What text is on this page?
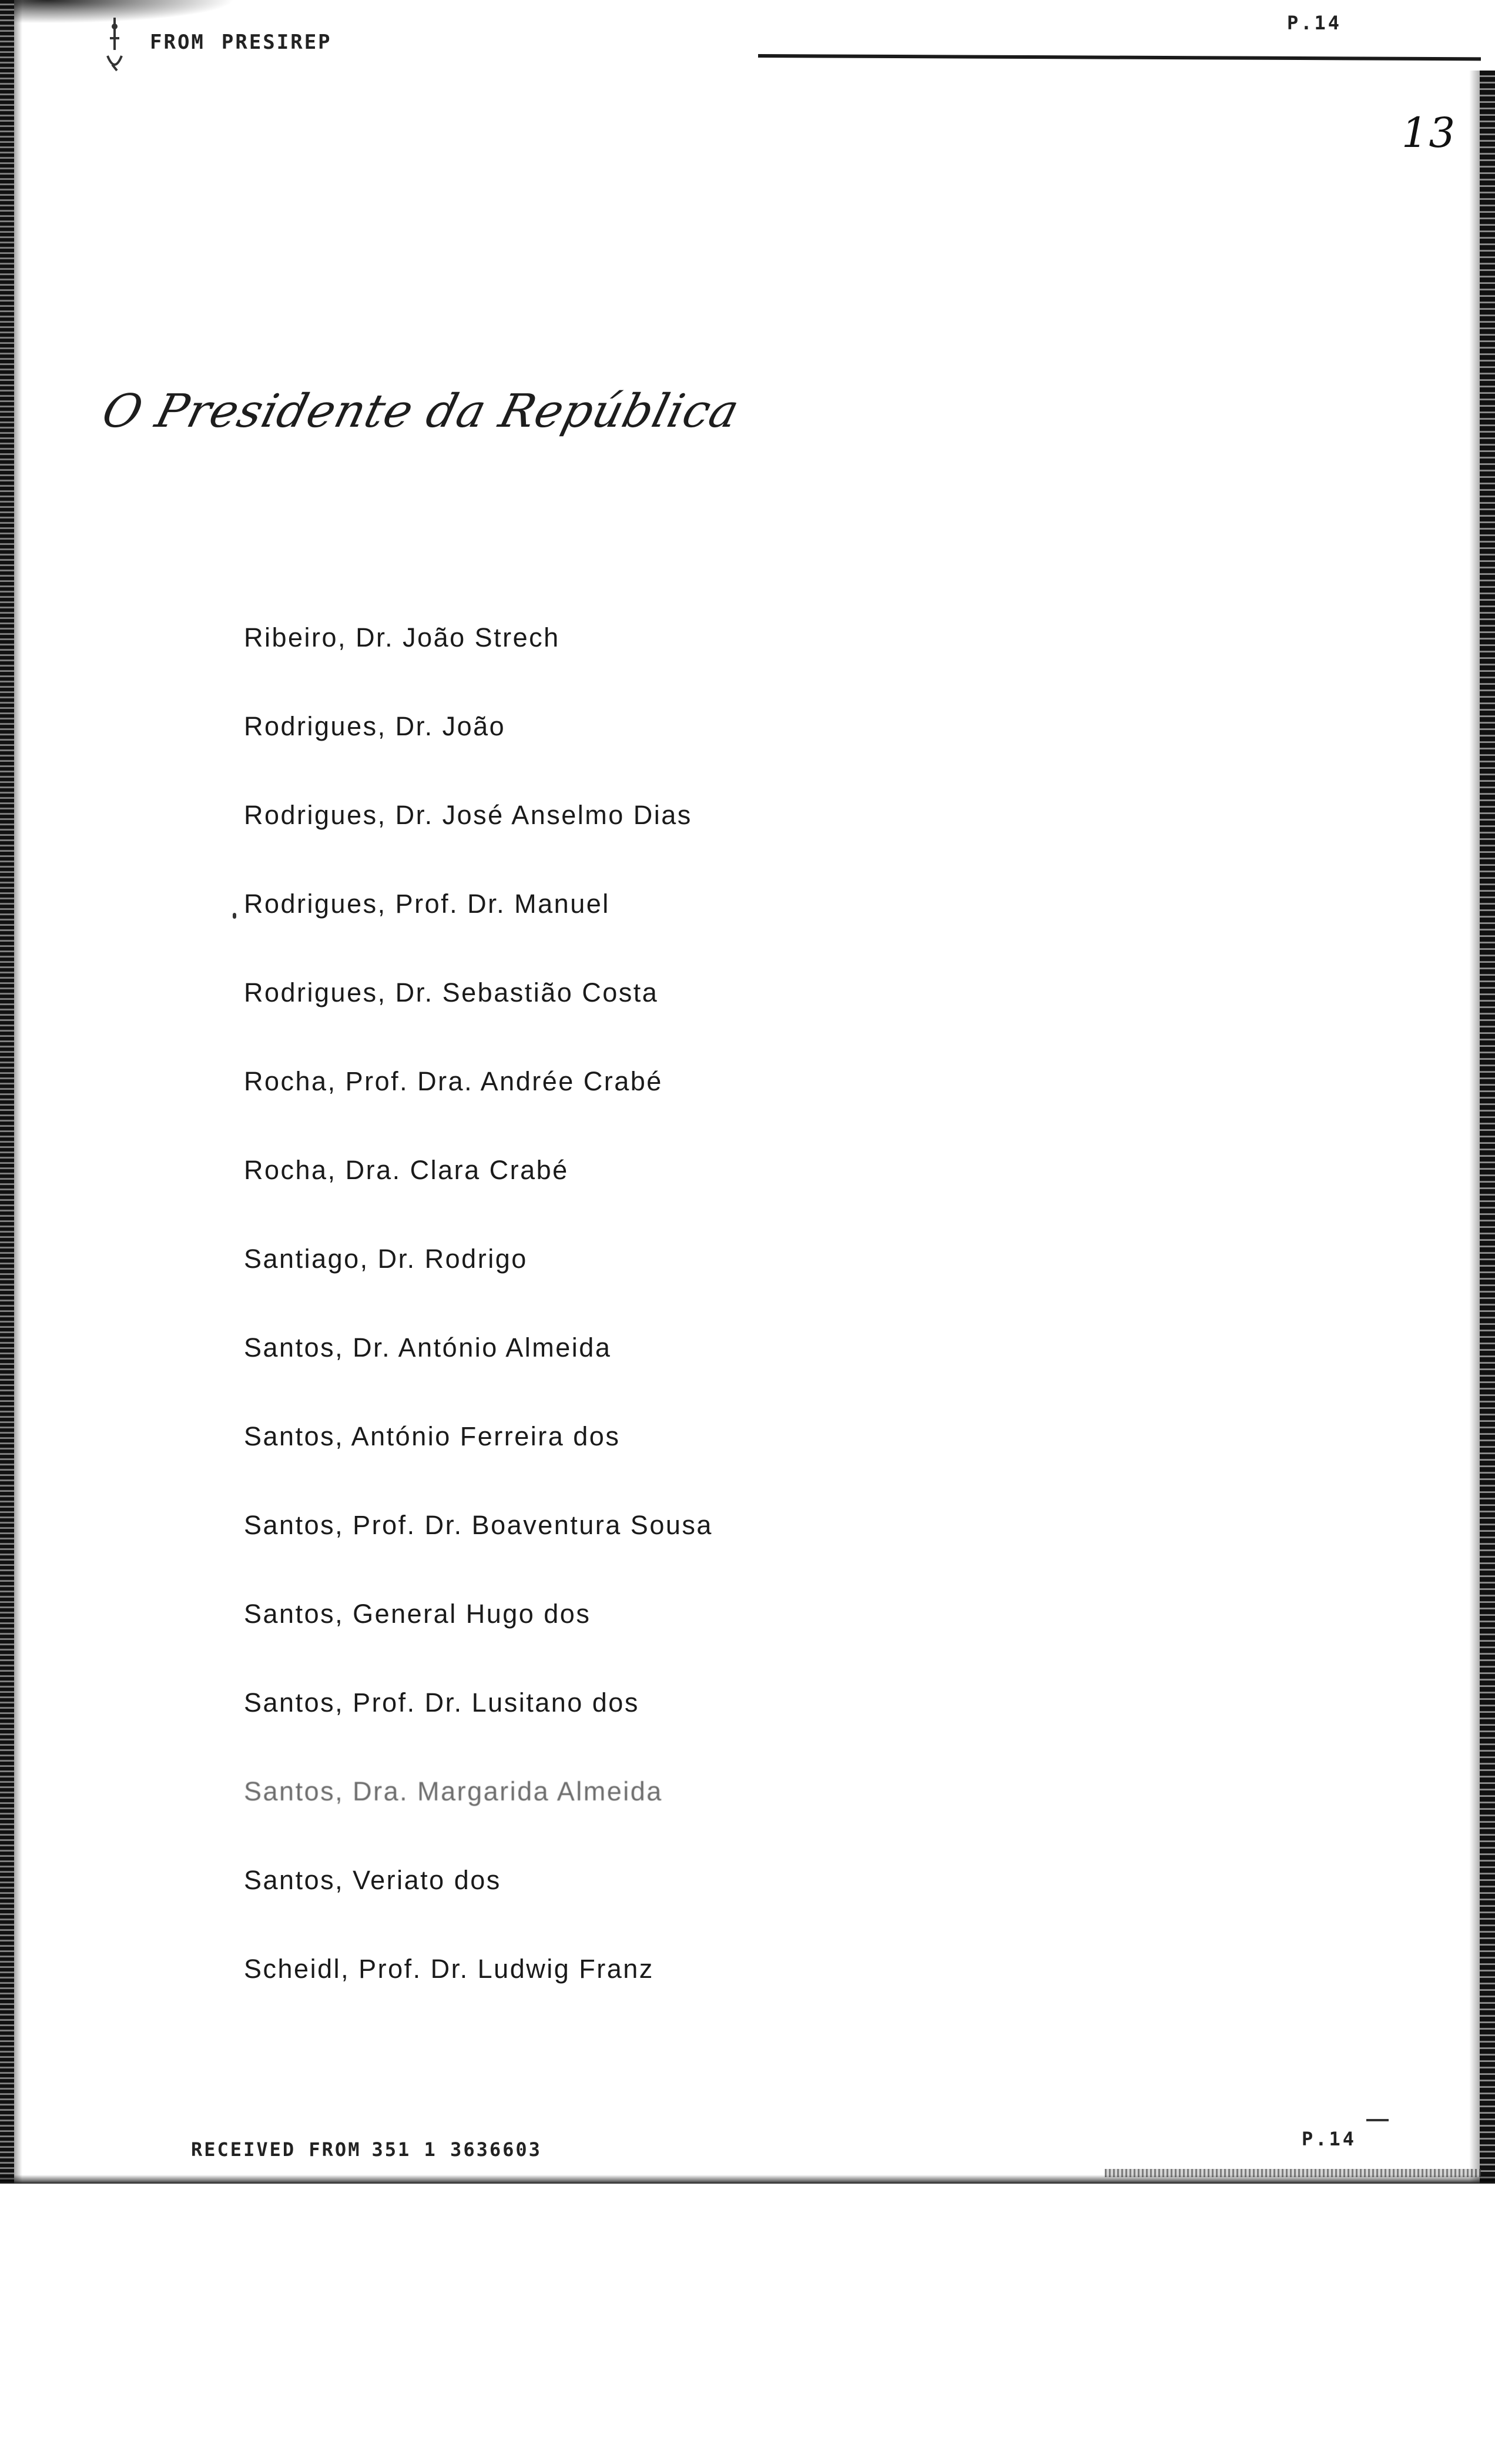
FROM PRESIREP
P.14
13
O Presidente da República
Ribeiro, Dr. João Strech
Rodrigues, Dr. João
Rodrigues, Dr. José Anselmo Dias
Rodrigues, Prof. Dr. Manuel
Rodrigues, Dr. Sebastião Costa
Rocha, Prof. Dra. Andrée Crabé
Rocha, Dra. Clara Crabé
Santiago, Dr. Rodrigo
Santos, Dr. António Almeida
Santos, António Ferreira dos
Santos, Prof. Dr. Boaventura Sousa
Santos, General Hugo dos
Santos, Prof. Dr. Lusitano dos
Santos, Dra. Margarida Almeida
Santos, Veriato dos
Scheidl, Prof. Dr. Ludwig Franz
RECEIVED FROM 351 1 3636603	P.14
